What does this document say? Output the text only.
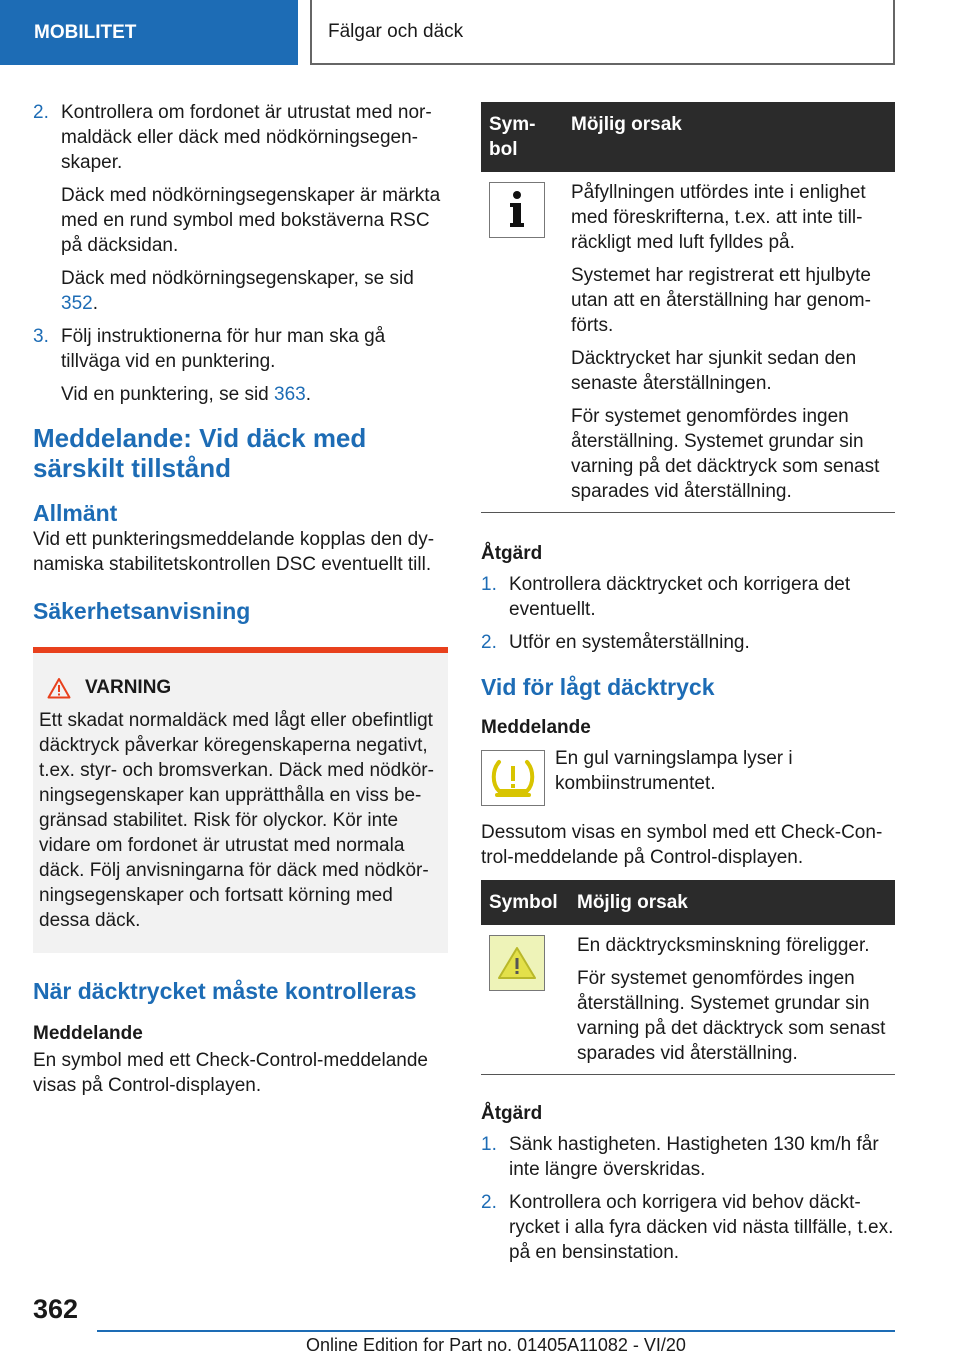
MOBILITET	Fälgar och däck
2. Kontrollera om fordonet är utrustat med normaldäck eller däck med nödkörningsegenskaper.

Däck med nödkörningsegenskaper är märkta med en rund symbol med bokstäverna RSC på däcksidan.

Däck med nödkörningsegenskaper, se sid 352.

3. Följ instruktionerna för hur man ska gå tillväga vid en punktering.

Vid en punktering, se sid 363.

Meddelande: Vid däck med särskilt tillstånd
Allmänt

Vid ett punkteringsmeddelande kopplas den dynamiska stabilitetskontrollen DSC eventuellt till.

Säkerhetsanvisning
VARNING

Ett skadat normaldäck med lågt eller obefintligt däcktryck påverkar köregenskaperna negativt, t.ex. styr- och bromsverkan. Däck med nödkörningsegenskaper kan upprätthålla en viss begränsad stabilitet. Risk för olyckor. Kör inte vidare om fordonet är utrustat med normala däck. Följ anvisningarna för däck med nödkörningsegenskaper och fortsatt körning med dessa däck.

När däcktrycket måste kontrolleras
Meddelande

En symbol med ett Check-Control-meddelande visas på Control-displayen.

Symbol	Möjlig orsak

Påfyllningen utfördes inte i enlighet med föreskrifterna, t.ex. att inte tillräckligt med luft fylldes på.

Systemet har registrerat ett hjulbyte utan att en återställning har genomförts.

Däcktrycket har sjunkit sedan den senaste återställningen.

För systemet genomfördes ingen återställning. Systemet grundar sin varning på det däcktryck som senast sparades vid återställning.

Åtgärd
1. Kontrollera däcktrycket och korrigera det eventuellt.

2. Utför en systemåterställning.

Vid för lågt däcktryck
Meddelande

En gul varningslampa lyser i kombiinstrumentet.

Dessutom visas en symbol med ett Check-Control-meddelande på Control-displayen.

Symbol	Möjlig orsak

En däcktrycksminskning föreligger.

För systemet genomfördes ingen återställning. Systemet grundar sin varning på det däcktryck som senast sparades vid återställning.

Åtgärd
1. Sänk hastigheten. Hastigheten 130 km/h får inte längre överskridas.

2. Kontrollera och korrigera vid behov däcktrycket i alla fyra däcken vid nästa tillfälle, t.ex. på en bensinstation.

362
Online Edition for Part no. 01405A11082 - VI/20
